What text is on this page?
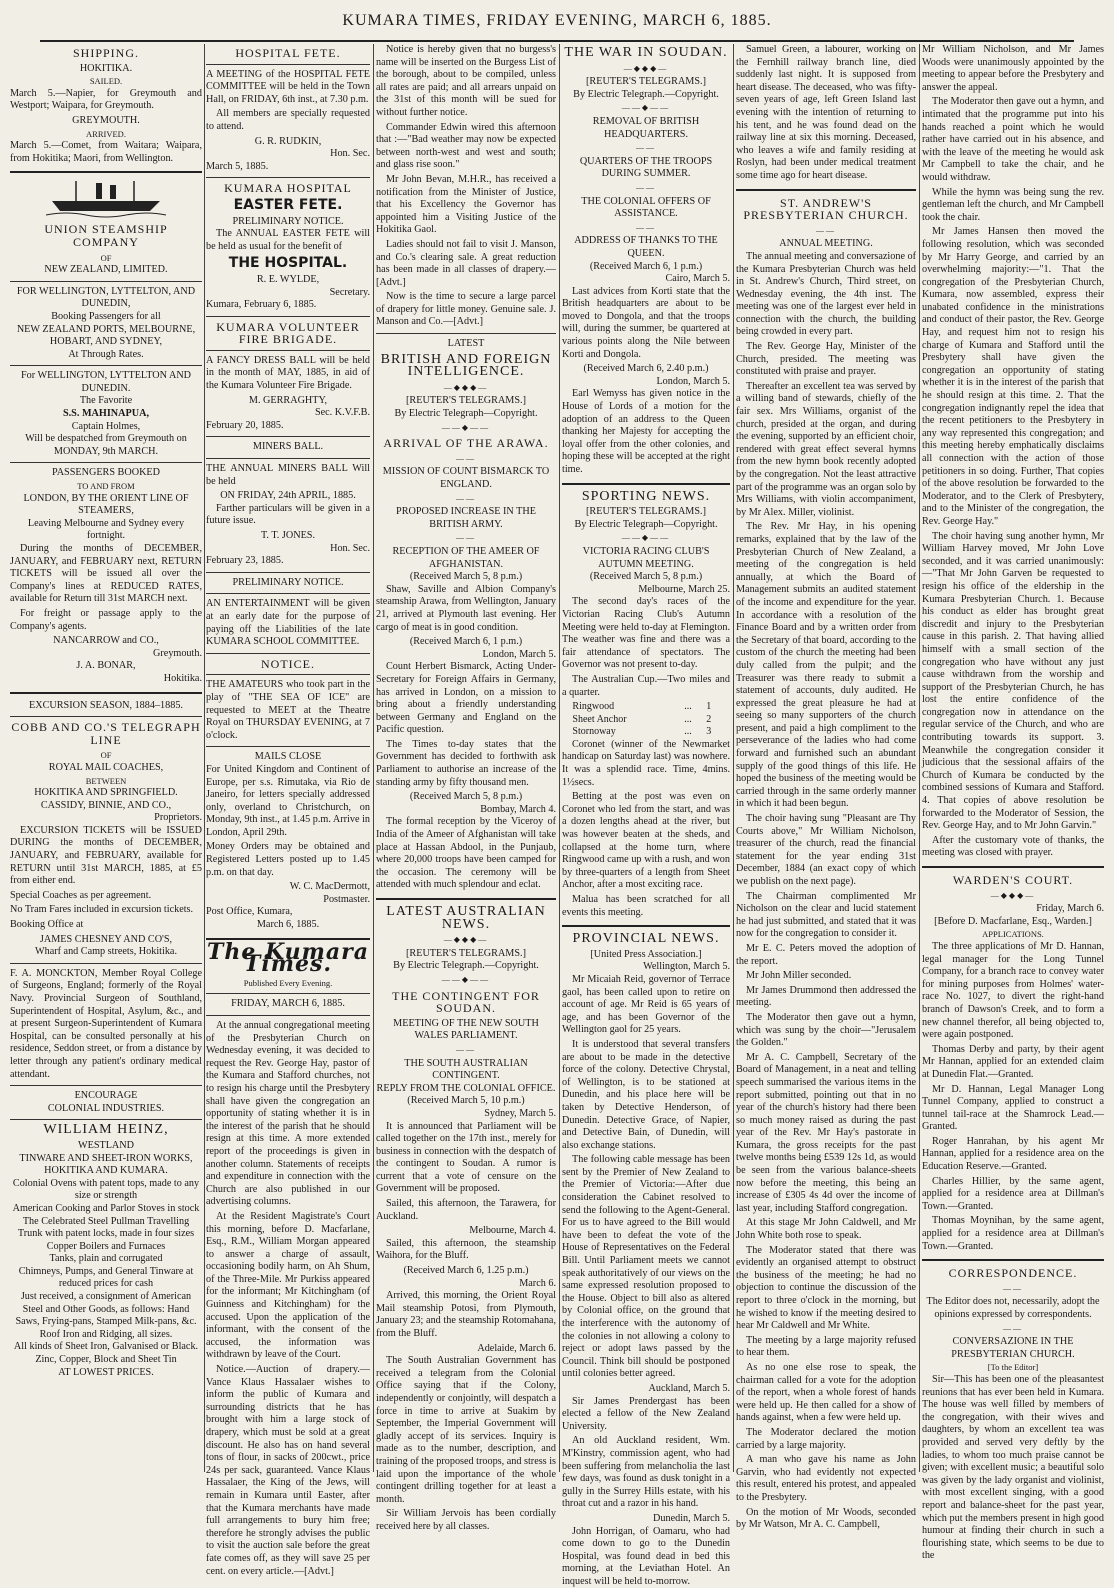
KUMARA TIMES, FRIDAY EVENING, MARCH 6, 1885.
SHIPPING.
HOKITIKA.
SAILED.

March 5.—Napier, for Greymouth and Westport; Waipara, for Greymouth.

GREYMOUTH.
ARRIVED.

March 5.—Comet, from Waitara; Waipara, from Hokitika; Maori, from Wellington.

UNION STEAMSHIP COMPANY
OF
NEW ZEALAND, LIMITED.
FOR WELLINGTON, LYTTELTON, AND DUNEDIN,
Booking Passengers for all
NEW ZEALAND PORTS, MELBOURNE, HOBART, AND SYDNEY,
At Through Rates.
For WELLINGTON, LYTTELTON AND DUNEDIN.
The Favorite
S.S. MAHINAPUA,
Captain Holmes,
Will be despatched from Greymouth on
MONDAY, 9th MARCH.
PASSENGERS BOOKED
TO AND FROM
LONDON, BY THE ORIENT LINE OF STEAMERS,
Leaving Melbourne and Sydney every fortnight.

During the months of DECEMBER, JANUARY, and FEBRUARY next, RETURN TICKETS will be issued all over the Company's lines at REDUCED RATES, available for Return till 31st MARCH next.

For freight or passage apply to the Company's agents.

NANCARROW and CO.,
Greymouth.
J. A. BONAR,
Hokitika.
EXCURSION SEASON, 1884–1885.
COBB AND CO.'S TELEGRAPH LINE
OF
ROYAL MAIL COACHES,
BETWEEN
HOKITIKA AND SPRINGFIELD.
CASSIDY, BINNIE, AND CO.,
Proprietors.

EXCURSION TICKETS will be ISSUED DURING the months of DECEMBER, JANUARY, and FEBRUARY, available for RETURN until 31st MARCH, 1885, at £5 from either end.

Special Coaches as per agreement.

No Tram Fares included in excursion tickets.

Booking Office at

JAMES CHESNEY AND CO'S,
Wharf and Camp streets, Hokitika.

F. A. MONCKTON, Member Royal College of Surgeons, England; formerly of the Royal Navy. Provincial Surgeon of Southland, Superintendent of Hospital, Asylum, &c., and at present Surgeon-Superintendent of Kumara Hospital, can be consulted personally at his residence, Seddon street, or from a distance by letter through any patient's ordinary medical attendant.

ENCOURAGE
COLONIAL INDUSTRIES.
WILLIAM HEINZ,
WESTLAND
TINWARE AND SHEET-IRON WORKS,
HOKITIKA AND KUMARA.
Colonial Ovens with patent tops, made to any size or strength
American Cooking and Parlor Stoves in stock
The Celebrated Steel Pullman Travelling Trunk with patent locks, made in four sizes
Copper Boilers and Furnaces
Tanks, plain and corrugated
Chimneys, Pumps, and General Tinware at reduced prices for cash
Just received, a consignment of American Steel and Other Goods, as follows: Hand Saws, Frying-pans, Stamped Milk-pans, &c.
Roof Iron and Ridging, all sizes.
All kinds of Sheet Iron, Galvanised or Black.
Zinc, Copper, Block and Sheet Tin
AT LOWEST PRICES.
HOSPITAL FETE.

A MEETING of the HOSPITAL FETE COMMITTEE will be held in the Town Hall, on FRIDAY, 6th inst., at 7.30 p.m.

All members are specially requested to attend.

G. R. RUDKIN,
Hon. Sec.
March 5, 1885.
KUMARA HOSPITAL
EASTER FETE.
PRELIMINARY NOTICE.

The ANNUAL EASTER FETE will be held as usual for the benefit of

THE HOSPITAL.
R. E. WYLDE,
Secretary.
Kumara, February 6, 1885.
KUMARA VOLUNTEER FIRE BRIGADE.

A FANCY DRESS BALL will be held in the month of MAY, 1885, in aid of the Kumara Volunteer Fire Brigade.

M. GERRAGHTY,
Sec. K.V.F.B.
February 20, 1885.
MINERS BALL.

THE ANNUAL MINERS BALL Will be held

ON FRIDAY, 24th APRIL, 1885.

Farther particulars will be given in a future issue.

T. T. JONES.
Hon. Sec.
February 23, 1885.
PRELIMINARY NOTICE.

AN ENTERTAINMENT will be given at an early date for the purpose of paying off the Liabilities of the late KUMARA SCHOOL COMMITTEE.

NOTICE.

THE AMATEURS who took part in the play of "THE SEA OF ICE" are requested to MEET at the Theatre Royal on THURSDAY EVENING, at 7 o'clock.

MAILS CLOSE

For United Kingdom and Continent of Europe, per s.s. Rimutaka, via Rio de Janeiro, for letters specially addressed only, overland to Christchurch, on Monday, 9th inst., at 1.45 p.m. Arrive in London, April 29th.

Money Orders may be obtained and Registered Letters posted up to 1.45 p.m. on that day.

W. C. MacDermott,
Postmaster.
Post Office, Kumara,
March 6, 1885.
The Kumara Times.
Published Every Evening.
FRIDAY, MARCH 6, 1885.

At the annual congregational meeting of the Presbyterian Church on Wednesday evening, it was decided to request the Rev. George Hay, pastor of the Kumara and Stafford churches, not to resign his charge until the Presbytery shall have given the congregation an opportunity of stating whether it is in the interest of the parish that he should resign at this time. A more extended report of the proceedings is given in another column. Statements of receipts and expenditure in connection with the Church are also published in our advertising columns.

At the Resident Magistrate's Court this morning, before D. Macfarlane, Esq., R.M., William Morgan appeared to answer a charge of assault, occasioning bodily harm, on Ah Shum, of the Three-Mile. Mr Purkiss appeared for the informant; Mr Kitchingham (of Guinness and Kitchingham) for the accused. Upon the application of the informant, with the consent of the accused, the information was withdrawn by leave of the Court.

Notice.—Auction of drapery.—Vance Klaus Hassalaer wishes to inform the public of Kumara and surrounding districts that he has brought with him a large stock of drapery, which must be sold at a great discount. He also has on hand several tons of flour, in sacks of 200cwt., price 24s per sack, guaranteed. Vance Klaus Hassalaer, the King of the Jews, will remain in Kumara until Easter, after that the Kumara merchants have made full arrangements to bury him free; therefore he strongly advises the public to visit the auction sale before the great fate comes off, as they will save 25 per cent. on every article.—[Advt.]

Notice is hereby given that no burgess's name will be inserted on the Burgess List of the borough, about to be compiled, unless all rates are paid; and all arrears unpaid on the 31st of this month will be sued for without further notice.

Commander Edwin wired this afternoon that :—"Bad weather may now be expected between north-west and west and south; and glass rise soon."

Mr John Bevan, M.H.R., has received a notification from the Minister of Justice, that his Excellency the Governor has appointed him a Visiting Justice of the Hokitika Gaol.

Ladies should not fail to visit J. Manson, and Co.'s clearing sale. A great reduction has been made in all classes of drapery.—[Advt.]

Now is the time to secure a large parcel of drapery for little money. Genuine sale. J. Manson and Co.—[Advt.]

LATEST
BRITISH AND FOREIGN INTELLIGENCE.
—◆◆◆—
[REUTER'S TELEGRAMS.]
By Electric Telegraph—Copyright.
——◆——
ARRIVAL OF THE ARAWA.
——
MISSION OF COUNT BISMARCK TO ENGLAND.
——
PROPOSED INCREASE IN THE BRITISH ARMY.
——
RECEPTION OF THE AMEER OF AFGHANISTAN.
(Received March 5, 8 p.m.)

Shaw, Saville and Albion Company's steamship Arawa, from Wellington, January 21, arrived at Plymouth last evening. Her cargo of meat is in good condition.

(Received March 6, 1 p.m.)
London, March 5.

Count Herbert Bismarck, Acting Under-Secretary for Foreign Affairs in Germany, has arrived in London, on a mission to bring about a friendly understanding between Germany and England on the Pacific question.

The Times to-day states that the Government has decided to forthwith ask Parliament to authorise an increase of the standing army by fifty thousand men.

(Received March 5, 8 p.m.)
Bombay, March 4.

The formal reception by the Viceroy of India of the Ameer of Afghanistan will take place at Hassan Abdool, in the Punjaub, where 20,000 troops have been camped for the occasion. The ceremony will be attended with much splendour and eclat.

LATEST AUSTRALIAN NEWS.
—◆◆◆—
[REUTER'S TELEGRAMS.]
By Electric Telegraph.—Copyright.
——◆——
THE CONTINGENT FOR SOUDAN.
MEETING OF THE NEW SOUTH WALES PARLIAMENT.
——
THE SOUTH AUSTRALIAN CONTINGENT.
REPLY FROM THE COLONIAL OFFICE.
(Received March 5, 10 p.m.)
Sydney, March 5.

It is announced that Parliament will be called together on the 17th inst., merely for business in connection with the despatch of the contingent to Soudan. A rumor is current that a vote of censure on the Government will be proposed.

Sailed, this afternoon, the Tarawera, for Auckland.

Melbourne, March 4.

Sailed, this afternoon, the steamship Waihora, for the Bluff.

(Received March 6, 1.25 p.m.)
March 6.

Arrived, this morning, the Orient Royal Mail steamship Potosi, from Plymouth, January 23; and the steamship Rotomahana, from the Bluff.

Adelaide, March 6.

The South Australian Government has received a telegram from the Colonial Office saying that if the Colony, independently or conjointly, will despatch a force in time to arrive at Suakim by September, the Imperial Government will gladly accept of its services. Inquiry is made as to the number, description, and training of the proposed troops, and stress is laid upon the importance of the whole contingent drilling together for at least a month.

Sir William Jervois has been cordially received here by all classes.

THE WAR IN SOUDAN.
—◆◆◆—
[REUTER'S TELEGRAMS.]
By Electric Telegraph.—Copyright.
——◆——
REMOVAL OF BRITISH HEADQUARTERS.
——
QUARTERS OF THE TROOPS DURING SUMMER.
——
THE COLONIAL OFFERS OF ASSISTANCE.
——
ADDRESS OF THANKS TO THE QUEEN.
(Received March 6, 1 p.m.)
Cairo, March 5.

Last advices from Korti state that the British headquarters are about to be moved to Dongola, and that the troops will, during the summer, be quartered at various points along the Nile between Korti and Dongola.

(Received March 6, 2.40 p.m.)
London, March 5.

Earl Wemyss has given notice in the House of Lords of a motion for the adoption of an address to the Queen thanking her Majesty for accepting the loyal offer from the other colonies, and hoping these will be accepted at the right time.

SPORTING NEWS.
[REUTER'S TELEGRAMS.]
By Electric Telegraph—Copyright.
——◆——
VICTORIA RACING CLUB'S AUTUMN MEETING.
(Received March 5, 8 p.m.)
Melbourne, March 25.

The second day's races of the Victorian Racing Club's Autumn Meeting were held to-day at Flemington. The weather was fine and there was a fair attendance of spectators. The Governor was not present to-day.

The Australian Cup.—Two miles and a quarter.

Ringwood	...	1
Sheet Anchor	...	2
Stornoway	...	3

Coronet (winner of the Newmarket handicap on Saturday last) was nowhere. It was a splendid race. Time, 4mins. 1½secs.

Betting at the post was even on Coronet who led from the start, and was a dozen lengths ahead at the river, but was however beaten at the sheds, and collapsed at the home turn, where Ringwood came up with a rush, and won by three-quarters of a length from Sheet Anchor, after a most exciting race.

Malua has been scratched for all events this meeting.

PROVINCIAL NEWS.
[United Press Association.]
Wellington, March 5.

Mr Micaiah Reid, governor of Terrace gaol, has been called upon to retire on account of age. Mr Reid is 65 years of age, and has been Governor of the Wellington gaol for 25 years.

It is understood that several transfers are about to be made in the detective force of the colony. Detective Chrystal, of Wellington, is to be stationed at Dunedin, and his place here will be taken by Detective Henderson, of Dunedin. Detective Grace, of Napier, and Detective Bain, of Dunedin, will also exchange stations.

The following cable message has been sent by the Premier of New Zealand to the Premier of Victoria:—After due consideration the Cabinet resolved to send the following to the Agent-General. For us to have agreed to the Bill would have been to defeat the vote of the House of Representatives on the Federal Bill. Until Parliament meets we cannot speak authoritatively of our views on the same expressed resolution proposed to the House. Object to bill also as altered by Colonial office, on the ground that the interference with the autonomy of the colonies in not allowing a colony to reject or adopt laws passed by the Council. Think bill should be postponed until colonies better agreed.

Auckland, March 5.

Sir James Prendergast has been elected a fellow of the New Zealand University.

An old Auckland resident, Wm. M'Kinstry, commission agent, who had been suffering from melancholia the last few days, was found as dusk tonight in a gully in the Surrey Hills estate, with his throat cut and a razor in his hand.

Dunedin, March 5.

John Horrigan, of Oamaru, who had come down to go to the Dunedin Hospital, was found dead in bed this morning, at the Leviathan Hotel. An inquest will be held to-morrow.

Samuel Green, a labourer, working on the Fernhill railway branch line, died suddenly last night. It is supposed from heart disease. The deceased, who was fifty-seven years of age, left Green Island last evening with the intention of returning to his tent, and he was found dead on the railway line at six this morning. Deceased, who leaves a wife and family residing at Roslyn, had been under medical treatment some time ago for heart disease.

ST. ANDREW'S PRESBYTERIAN CHURCH.
——
ANNUAL MEETING.

The annual meeting and conversazione of the Kumara Presbyterian Church was held in St. Andrew's Church, Third street, on Wednesday evening, the 4th inst. The meeting was one of the largest ever held in connection with the church, the building being crowded in every part.

The Rev. George Hay, Minister of the Church, presided. The meeting was constituted with praise and prayer.

Thereafter an excellent tea was served by a willing band of stewards, chiefly of the fair sex. Mrs Williams, organist of the church, presided at the organ, and during the evening, supported by an efficient choir, rendered with great effect several hymns from the new hymn book recently adopted by the congregation. Not the least attractive part of the programme was an organ solo by Mrs Williams, with violin accompaniment, by Mr Alex. Miller, violinist.

The Rev. Mr Hay, in his opening remarks, explained that by the law of the Presbyterian Church of New Zealand, a meeting of the congregation is held annually, at which the Board of Management submits an audited statement of the income and expenditure for the year. In accordance with a resolution of the Finance Board and by a written order from the Secretary of that board, according to the custom of the church the meeting had been duly called from the pulpit; and the Treasurer was there ready to submit a statement of accounts, duly audited. He expressed the great pleasure he had at seeing so many supporters of the church present, and paid a high compliment to the perseverance of the ladies who had come forward and furnished such an abundant supply of the good things of this life. He hoped the business of the meeting would be carried through in the same orderly manner in which it had been begun.

The choir having sung "Pleasant are Thy Courts above," Mr William Nicholson, treasurer of the church, read the financial statement for the year ending 31st December, 1884 (an exact copy of which we publish on the next page).

The Chairman complimented Mr Nicholson on the clear and lucid statement he had just submitted, and stated that it was now for the congregation to consider it.

Mr E. C. Peters moved the adoption of the report.

Mr John Miller seconded.

Mr James Drummond then addressed the meeting.

The Moderator then gave out a hymn, which was sung by the choir—"Jerusalem the Golden."

Mr A. C. Campbell, Secretary of the Board of Management, in a neat and telling speech summarised the various items in the report submitted, pointing out that in no year of the church's history had there been so much money raised as during the past year of the Rev. Mr Hay's pastorate in Kumara, the gross receipts for the past twelve months being £539 12s 1d, as would be seen from the various balance-sheets now before the meeting, this being an increase of £305 4s 4d over the income of last year, including Stafford congregation.

At this stage Mr John Caldwell, and Mr John White both rose to speak.

The Moderator stated that there was evidently an organised attempt to obstruct the business of the meeting; he had no objection to continue the discussion of the report to three o'clock in the morning, but he wished to know if the meeting desired to hear Mr Caldwell and Mr White.

The meeting by a large majority refused to hear them.

As no one else rose to speak, the chairman called for a vote for the adoption of the report, when a whole forest of hands were held up. He then called for a show of hands against, when a few were held up.

The Moderator declared the motion carried by a large majority.

A man who gave his name as John Garvin, who had evidently not expected this result, entered his protest, and appealed to the Presbytery.

On the motion of Mr Woods, seconded by Mr Watson, Mr A. C. Campbell,

Mr William Nicholson, and Mr James Woods were unanimously appointed by the meeting to appear before the Presbytery and answer the appeal.

The Moderator then gave out a hymn, and intimated that the programme put into his hands reached a point which he would rather have carried out in his absence, and with the leave of the meeting he would ask Mr Campbell to take the chair, and he would withdraw.

While the hymn was being sung the rev. gentleman left the church, and Mr Campbell took the chair.

Mr James Hansen then moved the following resolution, which was seconded by Mr Harry George, and carried by an overwhelming majority:—"1. That the congregation of the Presbyterian Church, Kumara, now assembled, express their unabated confidence in the ministrations and conduct of their pastor, the Rev. George Hay, and request him not to resign his charge of Kumara and Stafford until the Presbytery shall have given the congregation an opportunity of stating whether it is in the interest of the parish that he should resign at this time. 2. That the congregation indignantly repel the idea that the recent petitioners to the Presbytery in any way represented this congregation; and this meeting hereby emphatically disclaims all connection with the action of those petitioners in so doing. Further, That copies of the above resolution be forwarded to the Moderator, and to the Clerk of Presbytery, and to the Minister of the congregation, the Rev. George Hay."

The choir having sung another hymn, Mr William Harvey moved, Mr John Love seconded, and it was carried unanimously:—"That Mr John Garven be requested to resign his office of the eldership in the Kumara Presbyterian Church. 1. Because his conduct as elder has brought great discredit and injury to the Presbyterian cause in this parish. 2. That having allied himself with a small section of the congregation who have without any just cause withdrawn from the worship and support of the Presbyterian Church, he has lost the entire confidence of the congregation now in attendance on the regular service of the Church, and who are contributing towards its support. 3. Meanwhile the congregation consider it judicious that the sessional affairs of the Church of Kumara be conducted by the combined sessions of Kumara and Stafford. 4. That copies of above resolution be forwarded to the Moderator of Session, the Rev. George Hay, and to Mr John Garvin."

After the customary vote of thanks, the meeting was closed with prayer.

WARDEN'S COURT.
—◆◆◆—
Friday, March 6.
[Before D. Macfarlane, Esq., Warden.]
APPLICATIONS.

The three applications of Mr D. Hannan, legal manager for the Long Tunnel Company, for a branch race to convey water for mining purposes from Holmes' water-race No. 1027, to divert the right-hand branch of Dawson's Creek, and to form a new channel therefor, all being objected to, were again postponed.

Thomas Derby and party, by their agent Mr Hannan, applied for an extended claim at Dunedin Flat.—Granted.

Mr D. Hannan, Legal Manager Long Tunnel Company, applied to construct a tunnel tail-race at the Shamrock Lead.—Granted.

Roger Hanrahan, by his agent Mr Hannan, applied for a residence area on the Education Reserve.—Granted.

Charles Hillier, by the same agent, applied for a residence area at Dillman's Town.—Granted.

Thomas Moynihan, by the same agent, applied for a residence area at Dillman's Town.—Granted.

CORRESPONDENCE.
——
The Editor does not, necessarily, adopt the opinions expressed by correspondents.
——
CONVERSAZIONE IN THE PRESBYTERIAN CHURCH.
[To the Editor]

Sir—This has been one of the pleasantest reunions that has ever been held in Kumara. The house was well filled by members of the congregation, with their wives and daughters, by whom an excellent tea was provided and served very deftly by the ladies, to whom too much praise cannot be given; with excellent music; a beautiful solo was given by the lady organist and violinist, with most excellent singing, with a good report and balance-sheet for the past year, which put the members present in high good humour at finding their church in such a flourishing state, which seems to be due to the
